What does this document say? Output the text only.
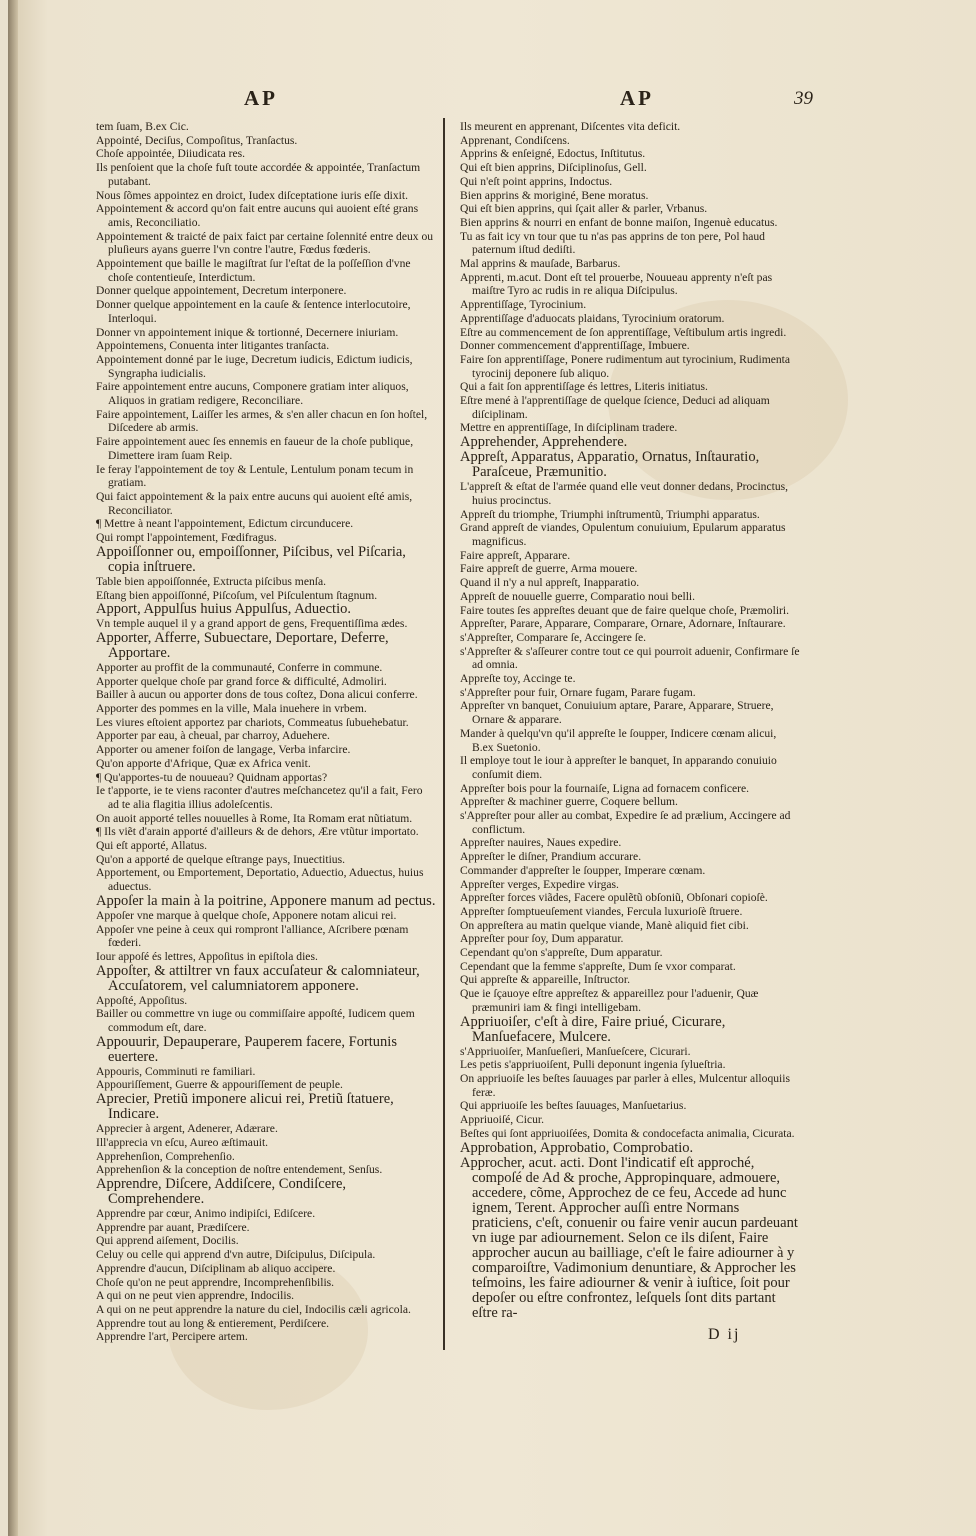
AP	AP	39

tem ſuam, B.ex Cic.

Appointé, Deciſus, Compoſitus, Tranſactus.

Choſe appointée, Diiudicata res.

Ils penſoient que la choſe fuſt toute accordée & appointée, Tranſactum putabant.

Nous ſõmes appointez en droict, Iudex diſceptatione iuris eſſe dixit.

Appointement & accord qu'on fait entre aucuns qui auoient eſté grans amis, Reconciliatio.

Appointement & traicté de paix faict par certaine ſolennité entre deux ou pluſieurs ayans guerre l'vn contre l'autre, Fœdus fœderis.

Appointement que baille le magiſtrat ſur l'eſtat de la poſſeſſion d'vne choſe contentieuſe, Interdictum.

Donner quelque appointement, Decretum interponere.

Donner quelque appointement en la cauſe & ſentence interlocutoire, Interloqui.

Donner vn appointement inique & tortionné, Decernere iniuriam.

Appointemens, Conuenta inter litigantes tranſacta.

Appointement donné par le iuge, Decretum iudicis, Edictum iudicis, Syngrapha iudicialis.

Faire appointement entre aucuns, Componere gratiam inter aliquos, Aliquos in gratiam redigere, Reconciliare.

Faire appointement, Laiſſer les armes, & s'en aller chacun en ſon hoſtel, Diſcedere ab armis.

Faire appointement auec ſes ennemis en faueur de la choſe publique, Dimettere iram ſuam Reip.

Ie feray l'appointement de toy & Lentule, Lentulum ponam tecum in gratiam.

Qui faict appointement & la paix entre aucuns qui auoient eſté amis, Reconciliator.

¶ Mettre à neant l'appointement, Edictum circunducere.

Qui rompt l'appointement, Fœdifragus.

Appoiſſonner ou, empoiſſonner, Piſcibus, vel Piſcaria, copia inſtruere.

Table bien appoiſſonnée, Extructa piſcibus menſa.

Eſtang bien appoiſſonné, Piſcoſum, vel Piſculentum ſtagnum.

Apport, Appulſus huius Appulſus, Aduectio.

Vn temple auquel il y a grand apport de gens, Frequentiſſima ædes.

Apporter, Afferre, Subuectare, Deportare, Deferre, Apportare.

Apporter au proffit de la communauté, Conferre in commune.

Apporter quelque choſe par grand force & difficulté, Admoliri.

Bailler à aucun ou apporter dons de tous coſtez, Dona alicui conferre.

Apporter des pommes en la ville, Mala inuehere in vrbem.

Les viures eſtoient apportez par chariots, Commeatus ſubuehebatur.

Apporter par eau, à cheual, par charroy, Aduehere.

Apporter ou amener foiſon de langage, Verba infarcire.

Qu'on apporte d'Afrique, Quæ ex Africa venit.

¶ Qu'apportes-tu de nouueau? Quidnam apportas?

Ie t'apporte, ie te viens raconter d'autres meſchancetez qu'il a fait, Fero ad te alia flagitia illius adoleſcentis.

On auoit apporté telles nouuelles à Rome, Ita Romam erat nũtiatum.

¶ Ils viẽt d'arain apporté d'ailleurs & de dehors, Ære vtũtur importato.

Qui eſt apporté, Allatus.

Qu'on a apporté de quelque eſtrange pays, Inuectitius.

Apportement, ou Emportement, Deportatio, Aduectio, Aduectus, huius aduectus.

Appoſer la main à la poitrine, Apponere manum ad pectus.

Appoſer vne marque à quelque choſe, Apponere notam alicui rei.

Appoſer vne peine à ceux qui rompront l'alliance, Aſcribere pœnam fœderi.

Iour appoſé és lettres, Appoſitus in epiſtola dies.

Appoſter, & attiltrer vn faux accuſateur & calomniateur, Accuſatorem, vel calumniatorem apponere.

Appoſté, Appoſitus.

Bailler ou commettre vn iuge ou commiſſaire appoſté, Iudicem quem commodum eſt, dare.

Appouurir, Depauperare, Pauperem facere, Fortunis euertere.

Appouris, Comminuti re familiari.

Appouriſſement, Guerre & appouriſſement de peuple.

Aprecier, Pretiũ imponere alicui rei, Pretiũ ſtatuere, Indicare.

Apprecier à argent, Adenerer, Adærare.

Ill'apprecia vn eſcu, Aureo æſtimauit.

Apprehenſion, Comprehenſio.

Apprehenſion & la conception de noſtre entendement, Senſus.

Apprendre, Diſcere, Addiſcere, Condiſcere, Comprehendere.

Apprendre par cœur, Animo indipiſci, Ediſcere.

Apprendre par auant, Prædiſcere.

Qui apprend aiſement, Docilis.

Celuy ou celle qui apprend d'vn autre, Diſcipulus, Diſcipula.

Apprendre d'aucun, Diſciplinam ab aliquo accipere.

Choſe qu'on ne peut apprendre, Incomprehenſibilis.

A qui on ne peut vien apprendre, Indocilis.

A qui on ne peut apprendre la nature du ciel, Indocilis cæli agricola.

Apprendre tout au long & entierement, Perdiſcere.

Apprendre l'art, Percipere artem.

Ils meurent en apprenant, Diſcentes vita deficit.

Apprenant, Condiſcens.

Apprins & enſeigné, Edoctus, Inſtitutus.

Qui eſt bien apprins, Diſciplinoſus, Gell.

Qui n'eſt point apprins, Indoctus.

Bien apprins & moriginé, Bene moratus.

Qui eſt bien apprins, qui ſçait aller & parler, Vrbanus.

Bien apprins & nourri en enfant de bonne maiſon, Ingenuè educatus.

Tu as fait icy vn tour que tu n'as pas apprins de ton pere, Pol haud paternum iſtud dediſti.

Mal apprins & mauſade, Barbarus.

Apprenti, m.acut. Dont eſt tel prouerbe, Nouueau apprenty n'eſt pas maiſtre Tyro ac rudis in re aliqua Diſcipulus.

Apprentiſſage, Tyrocinium.

Apprentiſſage d'aduocats plaidans, Tyrocinium oratorum.

Eſtre au commencement de ſon apprentiſſage, Veſtibulum artis ingredi.

Donner commencement d'apprentiſſage, Imbuere.

Faire ſon apprentiſſage, Ponere rudimentum aut tyrocinium, Rudimenta tyrocinij deponere ſub aliquo.

Qui a fait ſon apprentiſſage és lettres, Literis initiatus.

Eſtre mené à l'apprentiſſage de quelque ſcience, Deduci ad aliquam diſciplinam.

Mettre en apprentiſſage, In diſciplinam tradere.

Apprehender, Apprehendere.

Appreſt, Apparatus, Apparatio, Ornatus, Inſtauratio, Paraſceue, Præmunitio.

L'appreſt & eſtat de l'armée quand elle veut donner dedans, Procinctus, huius procinctus.

Appreſt du triomphe, Triumphi inſtrumentũ, Triumphi apparatus.

Grand appreſt de viandes, Opulentum conuiuium, Epularum apparatus magnificus.

Faire appreſt, Apparare.

Faire appreſt de guerre, Arma mouere.

Quand il n'y a nul appreſt, Inapparatio.

Appreſt de nouuelle guerre, Comparatio noui belli.

Faire toutes ſes appreſtes deuant que de faire quelque choſe, Præmoliri.

Appreſter, Parare, Apparare, Comparare, Ornare, Adornare, Inſtaurare.

s'Appreſter, Comparare ſe, Accingere ſe.

s'Appreſter & s'aſſeurer contre tout ce qui pourroit aduenir, Confirmare ſe ad omnia.

Appreſte toy, Accinge te.

s'Appreſter pour fuir, Ornare fugam, Parare fugam.

Appreſter vn banquet, Conuiuium aptare, Parare, Apparare, Struere, Ornare & apparare.

Mander à quelqu'vn qu'il appreſte le ſoupper, Indicere cœnam alicui, B.ex Suetonio.

Il employe tout le iour à appreſter le banquet, In apparando conuiuio conſumit diem.

Appreſter bois pour la fournaiſe, Ligna ad fornacem conficere.

Appreſter & machiner guerre, Coquere bellum.

s'Appreſter pour aller au combat, Expedire ſe ad prælium, Accingere ad conflictum.

Appreſter nauires, Naues expedire.

Appreſter le diſner, Prandium accurare.

Commander d'appreſter le ſoupper, Imperare cœnam.

Appreſter verges, Expedire virgas.

Appreſter forces viãdes, Facere opulẽtũ obſoniũ, Obſonari copioſè.

Appreſter ſomptueuſement viandes, Fercula luxurioſè ſtruere.

On appreſtera au matin quelque viande, Manè aliquid fiet cibi.

Appreſter pour ſoy, Dum apparatur.

Cependant qu'on s'appreſte, Dum apparatur.

Cependant que la femme s'appreſte, Dum ſe vxor comparat.

Qui appreſte & appareille, Inſtructor.

Que ie ſçauoye eſtre appreſtez & appareillez pour l'aduenir, Quæ præmuniri iam & fingi intelligebam.

Appriuoiſer, c'eſt à dire, Faire priué, Cicurare, Manſuefacere, Mulcere.

s'Appriuoiſer, Manſueſieri, Manſueſcere, Cicurari.

Les petis s'appriuoiſent, Pulli deponunt ingenia ſylueſtria.

On appriuoiſe les beſtes ſauuages par parler à elles, Mulcentur alloquiis feræ.

Qui appriuoiſe les beſtes ſauuages, Manſuetarius.

Appriuoiſé, Cicur.

Beſtes qui ſont appriuoiſées, Domita & condocefacta animalia, Cicurata.

Approbation, Approbatio, Comprobatio.

Approcher, acut. acti. Dont l'indicatif eſt approché, compoſé de Ad & proche, Appropinquare, admouere, accedere, cõme, Approchez de ce feu, Accede ad hunc ignem, Terent. Approcher auſſi entre Normans praticiens, c'eſt, conuenir ou faire venir aucun pardeuant vn iuge par adiournement. Selon ce ils diſent, Faire approcher aucun au bailliage, c'eſt le faire adiourner à y comparoiſtre, Vadimonium denuntiare, & Approcher les teſmoins, les faire adiourner & venir à iuſtice, ſoit pour depoſer ou eſtre confrontez, leſquels ſont dits partant eſtre ra-

D ij
